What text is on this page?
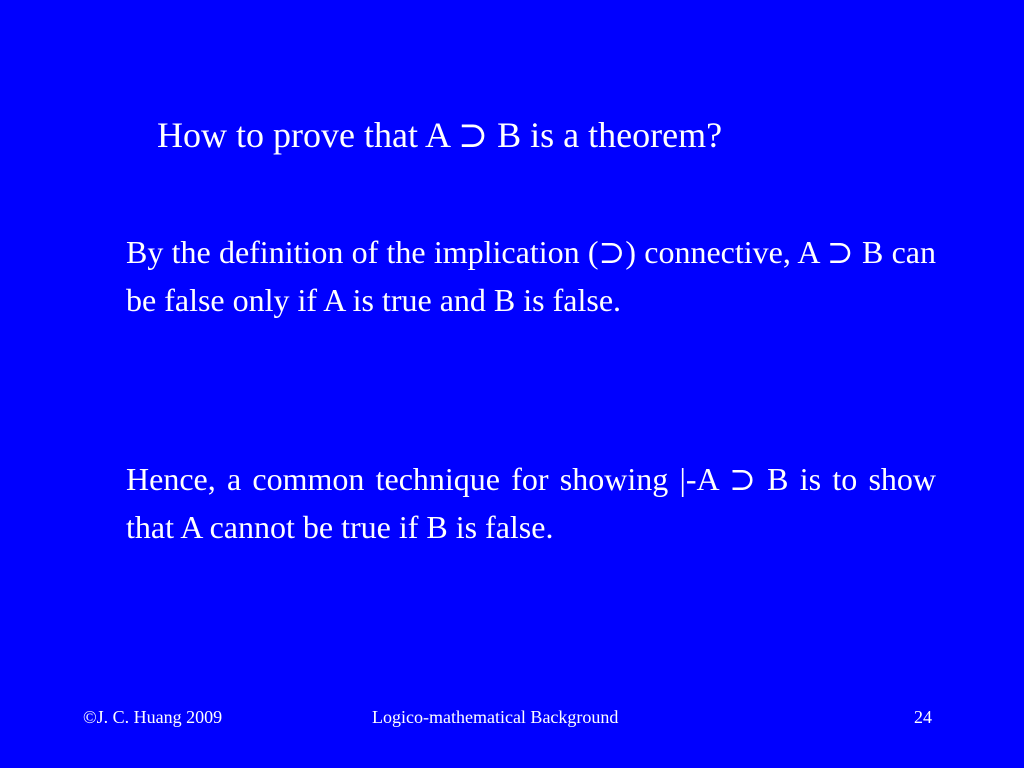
How to prove that A ⊃ B is a theorem?

By the definition of the implication (⊃) connective, A ⊃ B can be false only if A is true and B is false.

Hence, a common technique for showing |-A ⊃ B is to show that A cannot be true if B is false.

©J. C. Huang 2009	Logico-mathematical Background	24
